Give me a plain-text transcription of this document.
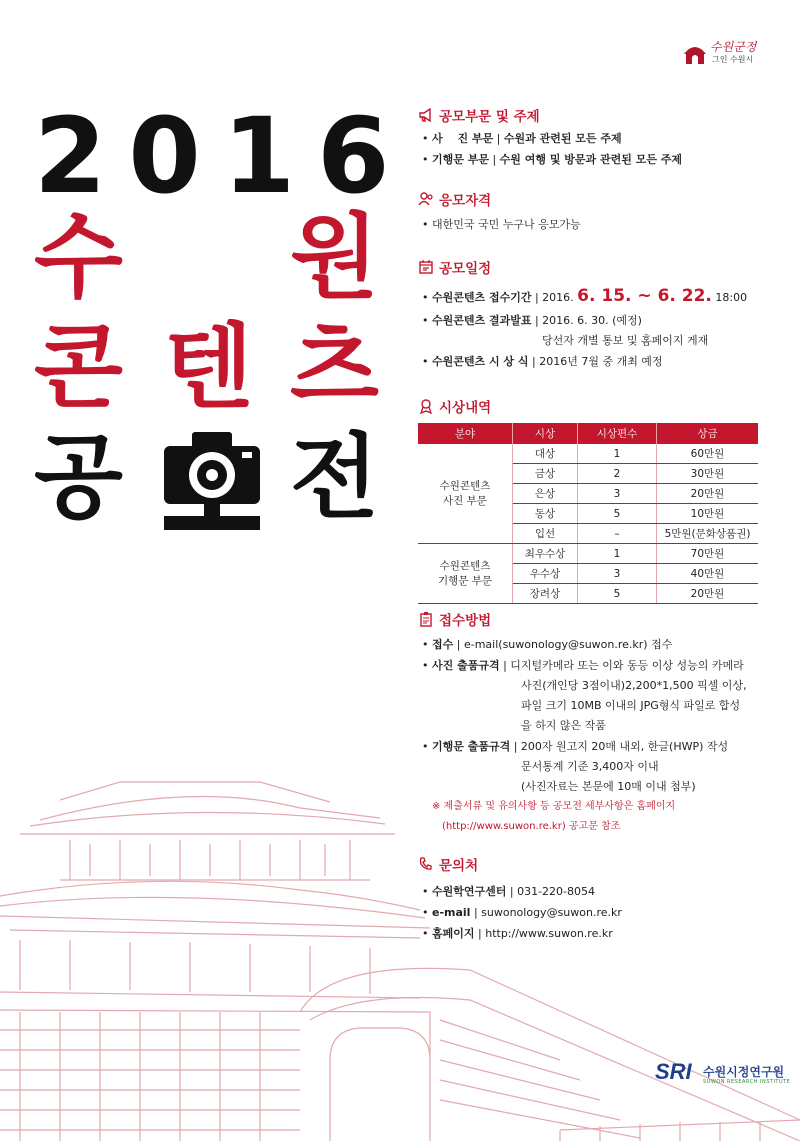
수원군정
그인 수원시
2016
수 원
콘 텐 츠
공 전
공모부문 및 주제
• 사 　진 부문 | 수원과 관련된 모든 주제
• 기행문 부문 | 수원 여행 및 방문과 관련된 모든 주제
응모자격
• 대한민국 국민 누구나 응모가능
공모일정
• 수원콘텐츠 접수기간 | 2016. 6. 15. ~ 6. 22. 18:00
• 수원콘텐츠 결과발표 | 2016. 6. 30. (예정)
당선자 개별 통보 및 홈페이지 게재
• 수원콘텐츠 시 상 식 | 2016년 7월 중 개최 예정
시상내역
분야	시상	시상편수	상금
수원콘텐츠
사진 부문	대상	1	60만원
	금상	2	30만원
	은상	3	20만원
	동상	5	10만원
	입선	–	5만원(문화상품권)
수원콘텐츠
기행문 부문	최우수상	1	70만원
	우수상	3	40만원
	장려상	5	20만원
접수방법
• 접수 | e-mail(suwonology@suwon.re.kr) 접수
• 사진 출품규격 | 디지털카메라 또는 이와 동등 이상 성능의 카메라
사진(개인당 3점이내)2,200*1,500 픽셀 이상,
파일 크기 10MB 이내의 JPG형식 파일로 합성
을 하지 않은 작품
• 기행문 출품규격 | 200자 원고지 20매 내외, 한글(HWP) 작성
문서통계 기준 3,400자 이내
(사진자료는 본문에 10매 이내 첨부)
※ 제출서류 및 유의사항 등 공모전 세부사항은 홈페이지
(http://www.suwon.re.kr) 공고문 참조
문의처
• 수원학연구센터 | 031-220-8054
• e-mail | suwonology@suwon.re.kr
• 홈페이지 | http://www.suwon.re.kr
SRI 수원시정연구원
SUWON RESEARCH INSTITUTE
